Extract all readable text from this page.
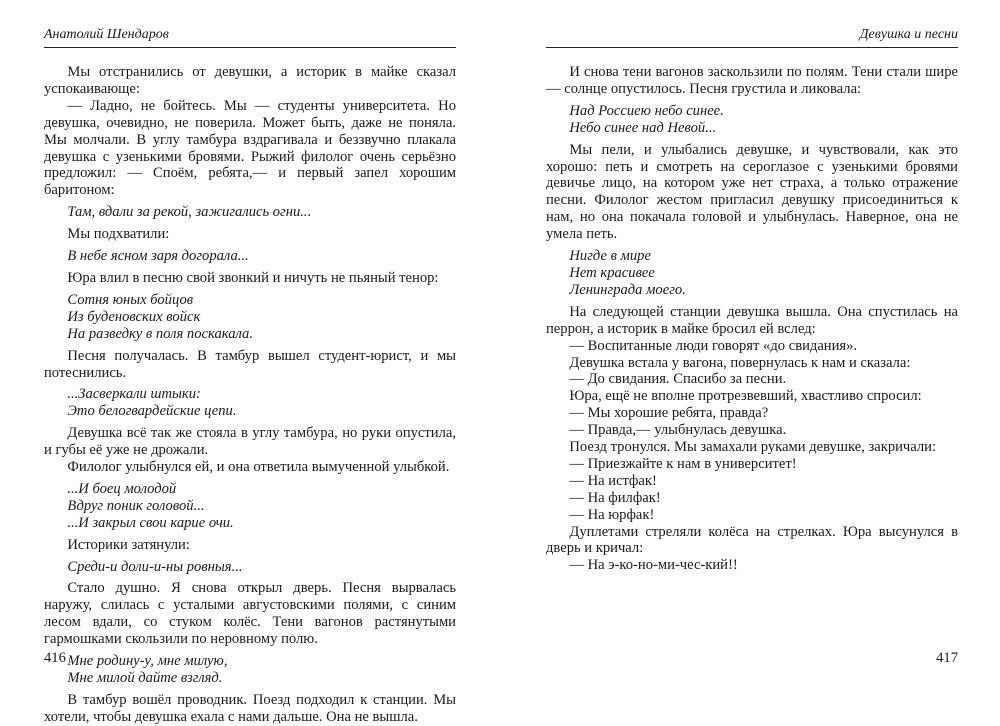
Анатолий Шендаров

Мы отстранились от девушки, а историк в майке сказал успокаивающе:

— Ладно, не бойтесь. Мы — студенты университета. Но девушка, очевидно, не поверила. Может быть, даже не поняла. Мы молчали. В углу тамбура вздрагивала и беззвучно плакала девушка с узенькими бровями. Рыжий филолог очень серьёзно предложил: — Споём, ребята,— и первый запел хорошим баритоном:

Там, вдали за рекой, зажигались огни...

Мы подхватили:

В небе ясном заря догорала...

Юра влил в песню свой звонкий и ничуть не пьяный тенор:

Сотня юных бойцов
Из буденовских войск
На разведку в поля поскакала.

Песня получалась. В тамбур вышел студент-юрист, и мы потеснились.

...Засверкали штыки:
Это белогвардейские цепи.

Девушка всё так же стояла в углу тамбура, но руки опустила, и губы её уже не дрожали.

Филолог улыбнулся ей, и она ответила вымученной улыбкой.

...И боец молодой
Вдруг поник головой...
...И закрыл свои карие очи.

Историки затянули:

Среди-и доли-и-ны ровныя...

Стало душно. Я снова открыл дверь. Песня вырвалась наружу, слилась с усталыми августовскими полями, с синим лесом вдали, со стуком колёс. Тени вагонов растянутыми гармошками скользили по неровному полю.

Мне родину-у, мне милую,
Мне милой дайте взгляд.

В тамбур вошёл проводник. Поезд подходил к станции. Мы хотели, чтобы девушка ехала с нами дальше. Она не вышла.

416
Девушка и песни

И снова тени вагонов заскользили по полям. Тени стали шире — солнце опустилось. Песня грустила и ликовала:

Над Россиею небо синее.
Небо синее над Невой...

Мы пели, и улыбались девушке, и чувствовали, как это хорошо: петь и смотреть на сероглазое с узенькими бровями девичье лицо, на котором уже нет страха, а только отражение песни. Филолог жестом пригласил девушку присоединиться к нам, но она покачала головой и улыбнулась. Наверное, она не умела петь.

Нигде в мире
Нет красивее
Ленинграда моего.

На следующей станции девушка вышла. Она спустилась на перрон, а историк в майке бросил ей вслед:

— Воспитанные люди говорят «до свидания».

Девушка встала у вагона, повернулась к нам и сказала:

— До свидания. Спасибо за песни.

Юра, ещё не вполне протрезвевший, хвастливо спросил:

— Мы хорошие ребята, правда?

— Правда,— улыбнулась девушка.

Поезд тронулся. Мы замахали руками девушке, закричали:

— Приезжайте к нам в университет!

— На истфак!

— На филфак!

— На юрфак!

Дуплетами стреляли колёса на стрелках. Юра высунулся в дверь и кричал:

— На э-ко-но-ми-чес-кий!!

417
